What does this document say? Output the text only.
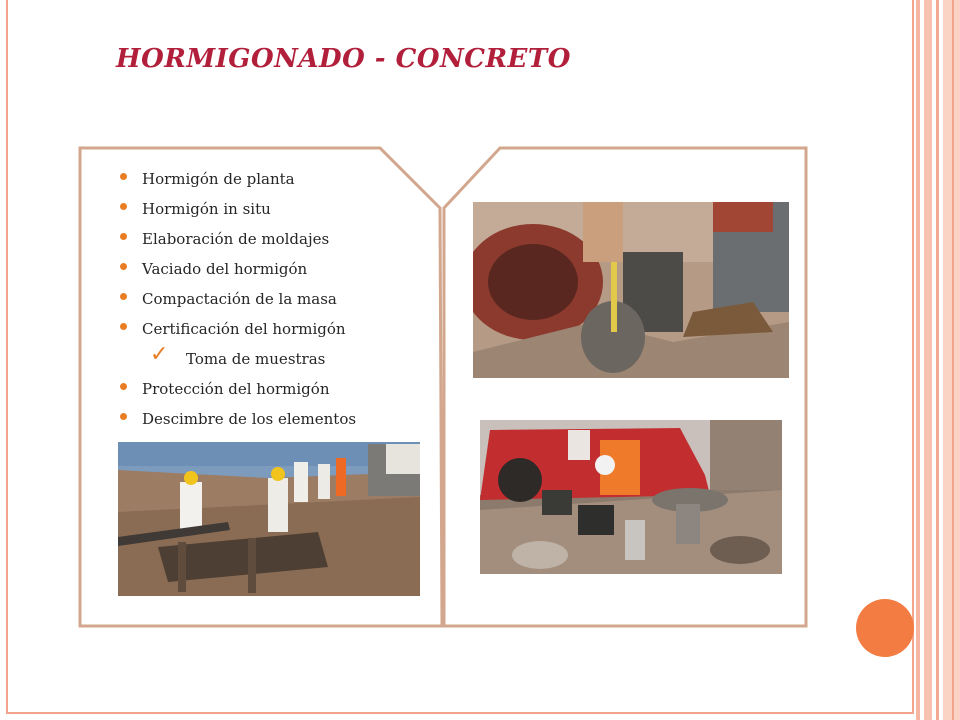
HORMIGONADO - CONCRETO
Hormigón de planta
Hormigón in situ
Elaboración de moldajes
Vaciado del hormigón
Compactación de la masa
Certificación del hormigón
✓ Toma de muestras
Protección del hormigón
Descimbre de los elementos
